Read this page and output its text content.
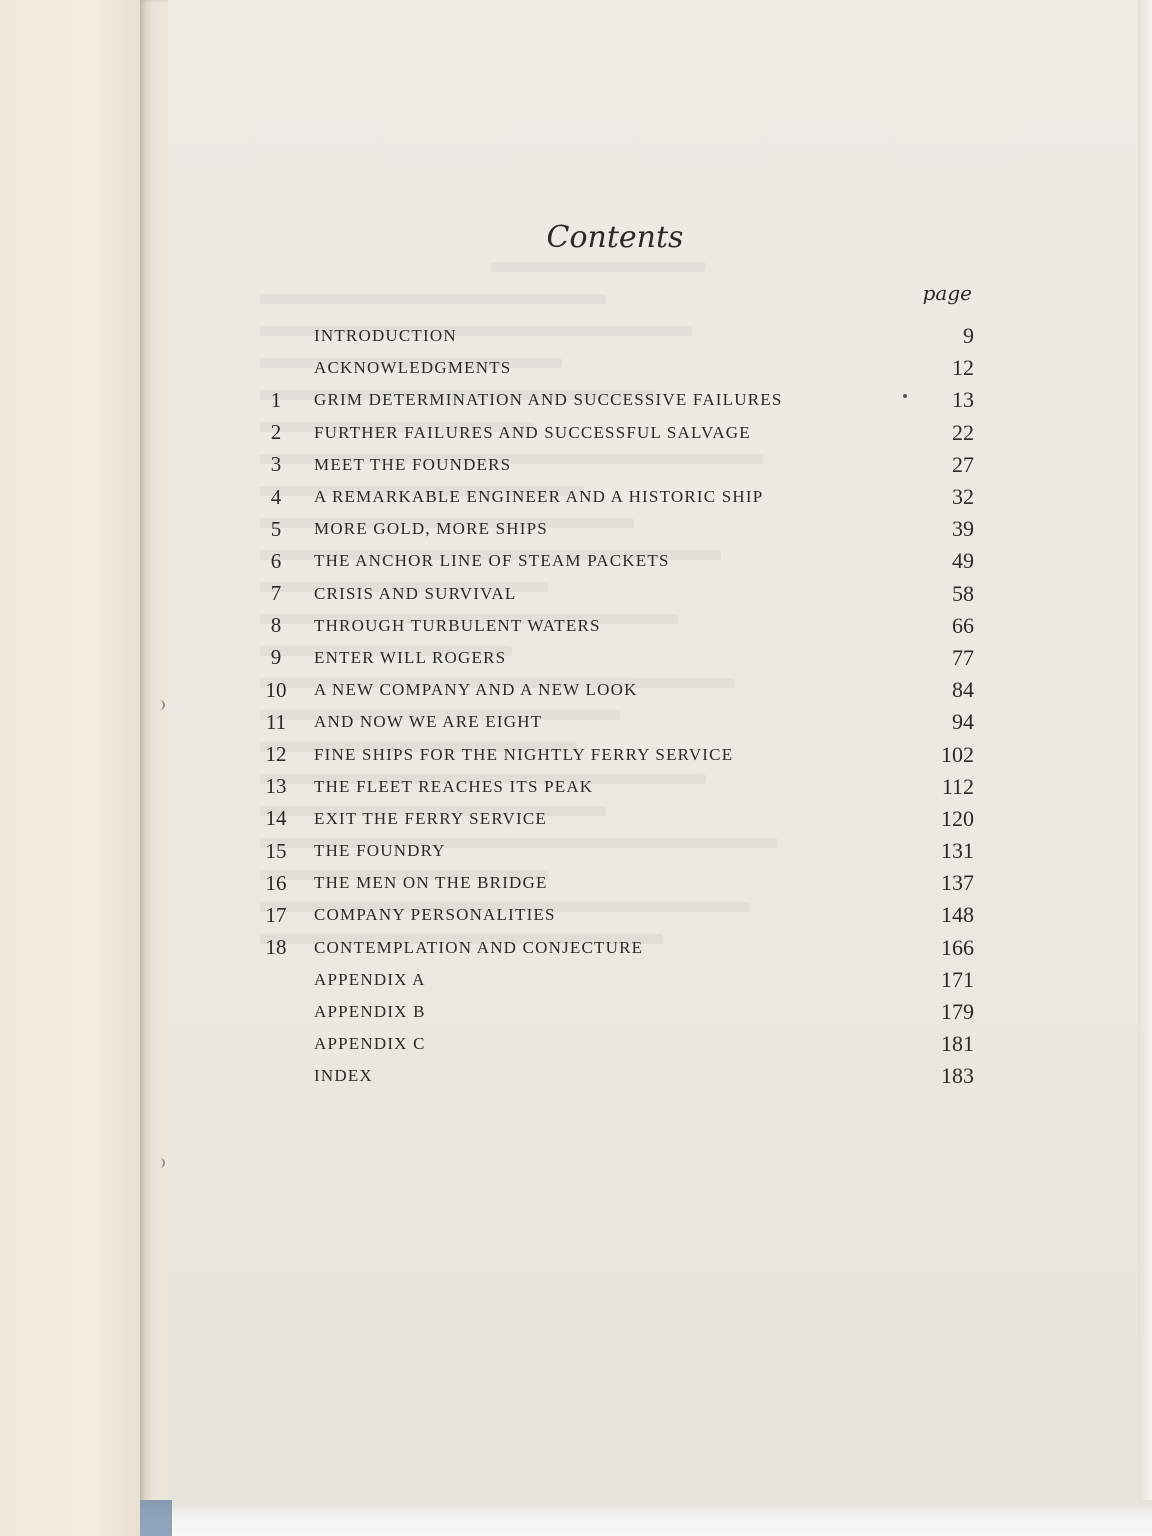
Contents
page
INTRODUCTION	9
ACKNOWLEDGMENTS	12
1	GRIM DETERMINATION AND SUCCESSIVE FAILURES	13
2	FURTHER FAILURES AND SUCCESSFUL SALVAGE	22
3	MEET THE FOUNDERS	27
4	A REMARKABLE ENGINEER AND A HISTORIC SHIP	32
5	MORE GOLD, MORE SHIPS	39
6	THE ANCHOR LINE OF STEAM PACKETS	49
7	CRISIS AND SURVIVAL	58
8	THROUGH TURBULENT WATERS	66
9	ENTER WILL ROGERS	77
10	A NEW COMPANY AND A NEW LOOK	84
11	AND NOW WE ARE EIGHT	94
12	FINE SHIPS FOR THE NIGHTLY FERRY SERVICE	102
13	THE FLEET REACHES ITS PEAK	112
14	EXIT THE FERRY SERVICE	120
15	THE FOUNDRY	131
16	THE MEN ON THE BRIDGE	137
17	COMPANY PERSONALITIES	148
18	CONTEMPLATION AND CONJECTURE	166
APPENDIX A	171
APPENDIX B	179
APPENDIX C	181
INDEX	183
